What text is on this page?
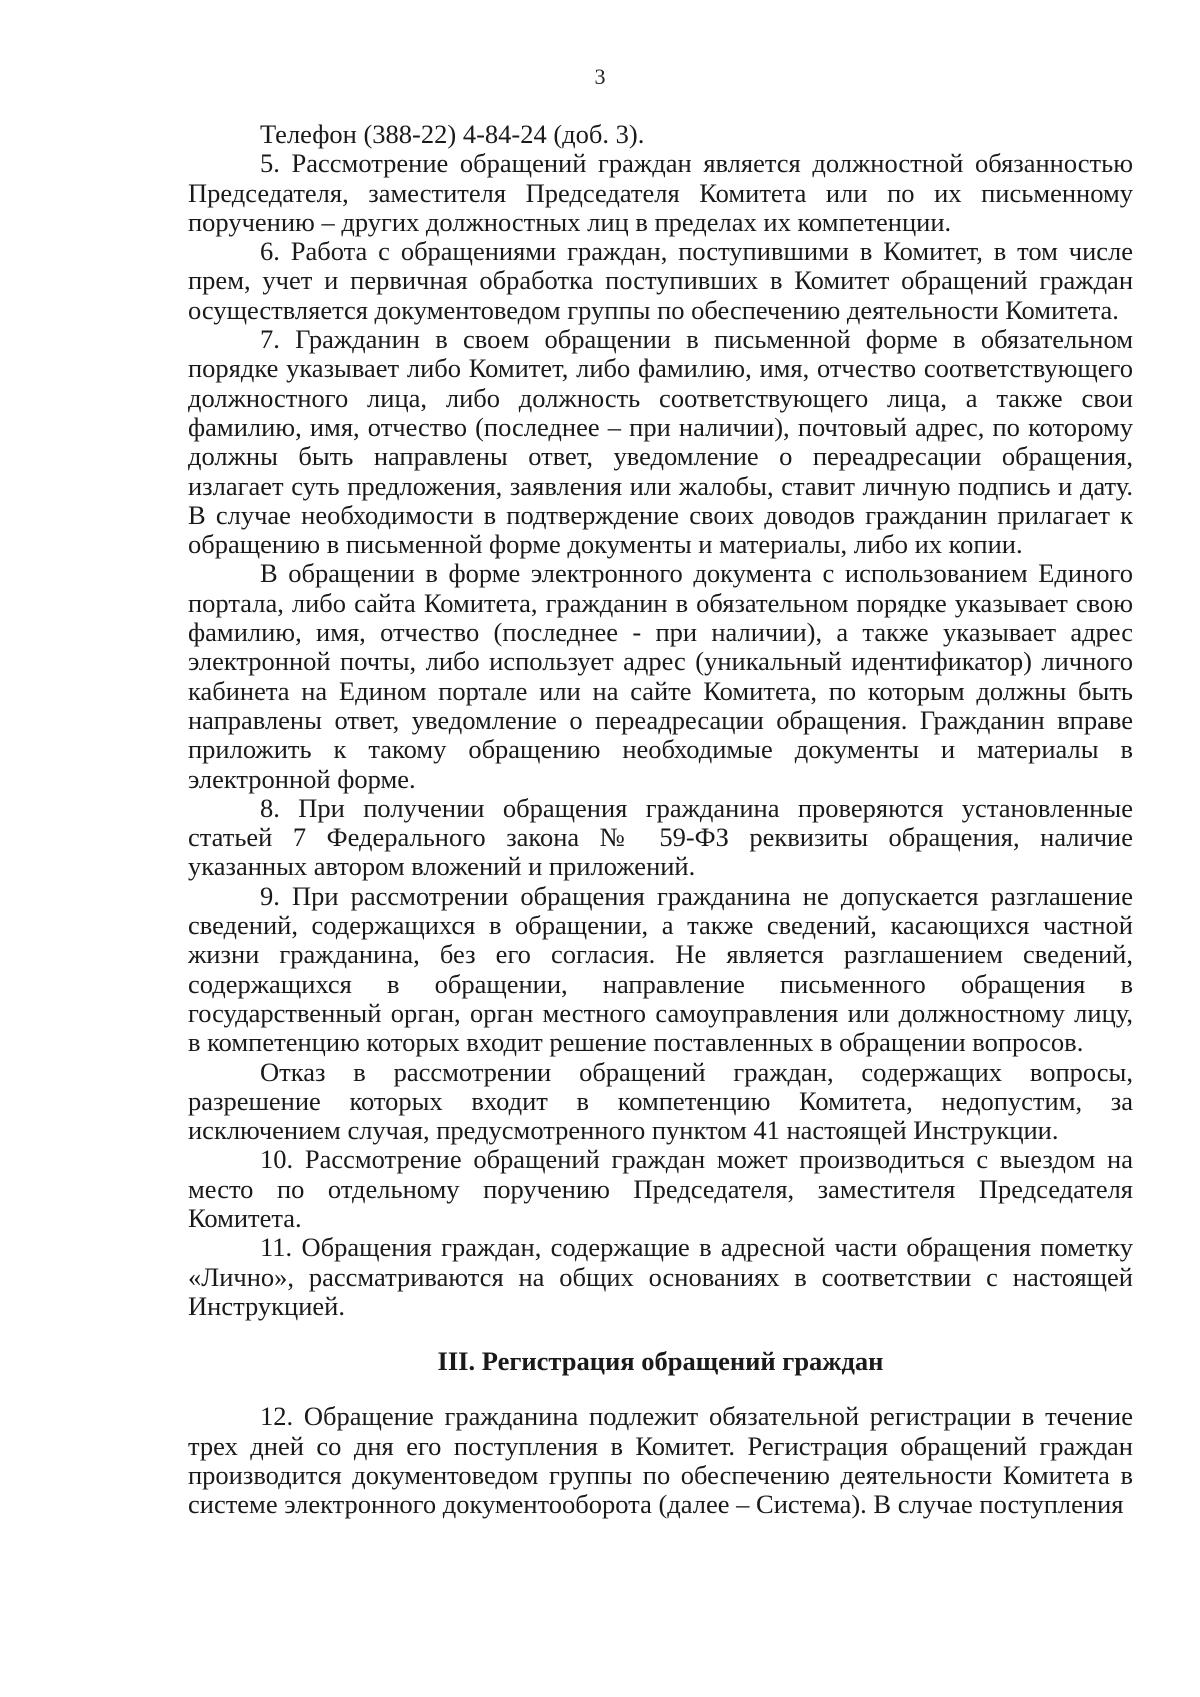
3

Телефон (388-22) 4-84-24 (доб. 3).

5. Рассмотрение обращений граждан является должностной обязанностью Председателя, заместителя Председателя Комитета или по их письменному поручению – других должностных лиц в пределах их компетенции.

6. Работа с обращениями граждан, поступившими в Комитет, в том числе прем, учет и первичная обработка поступивших в Комитет обращений граждан осуществляется документоведом группы по обеспечению деятельности Комитета.

7. Гражданин в своем обращении в письменной форме в обязательном порядке указывает либо Комитет, либо фамилию, имя, отчество соответствующего должностного лица, либо должность соответствующего лица, а также свои фамилию, имя, отчество (последнее – при наличии), почтовый адрес, по которому должны быть направлены ответ, уведомление о переадресации обращения, излагает суть предложения, заявления или жалобы, ставит личную подпись и дату. В случае необходимости в подтверждение своих доводов гражданин прилагает к обращению в письменной форме документы и материалы, либо их копии.

В обращении в форме электронного документа с использованием Единого портала, либо сайта Комитета, гражданин в обязательном порядке указывает свою фамилию, имя, отчество (последнее - при наличии), а также указывает адрес электронной почты, либо использует адрес (уникальный идентификатор) личного кабинета на Едином портале или на сайте Комитета, по которым должны быть направлены ответ, уведомление о переадресации обращения. Гражданин вправе приложить к такому обращению необходимые документы и материалы в электронной форме.

8. При получении обращения гражданина проверяются установленные статьей 7 Федерального закона № 59-ФЗ реквизиты обращения, наличие указанных автором вложений и приложений.

9. При рассмотрении обращения гражданина не допускается разглашение сведений, содержащихся в обращении, а также сведений, касающихся частной жизни гражданина, без его согласия. Не является разглашением сведений, содержащихся в обращении, направление письменного обращения в государственный орган, орган местного самоуправления или должностному лицу, в компетенцию которых входит решение поставленных в обращении вопросов.

Отказ в рассмотрении обращений граждан, содержащих вопросы, разрешение которых входит в компетенцию Комитета, недопустим, за исключением случая, предусмотренного пунктом 41 настоящей Инструкции.

10. Рассмотрение обращений граждан может производиться с выездом на место по отдельному поручению Председателя, заместителя Председателя Комитета.

11. Обращения граждан, содержащие в адресной части обращения пометку «Лично», рассматриваются на общих основаниях в соответствии с настоящей Инструкцией.

III. Регистрация обращений граждан

12. Обращение гражданина подлежит обязательной регистрации в течение трех дней со дня его поступления в Комитет. Регистрация обращений граждан производится документоведом группы по обеспечению деятельности Комитета в системе электронного документооборота (далее – Система). В случае поступления
